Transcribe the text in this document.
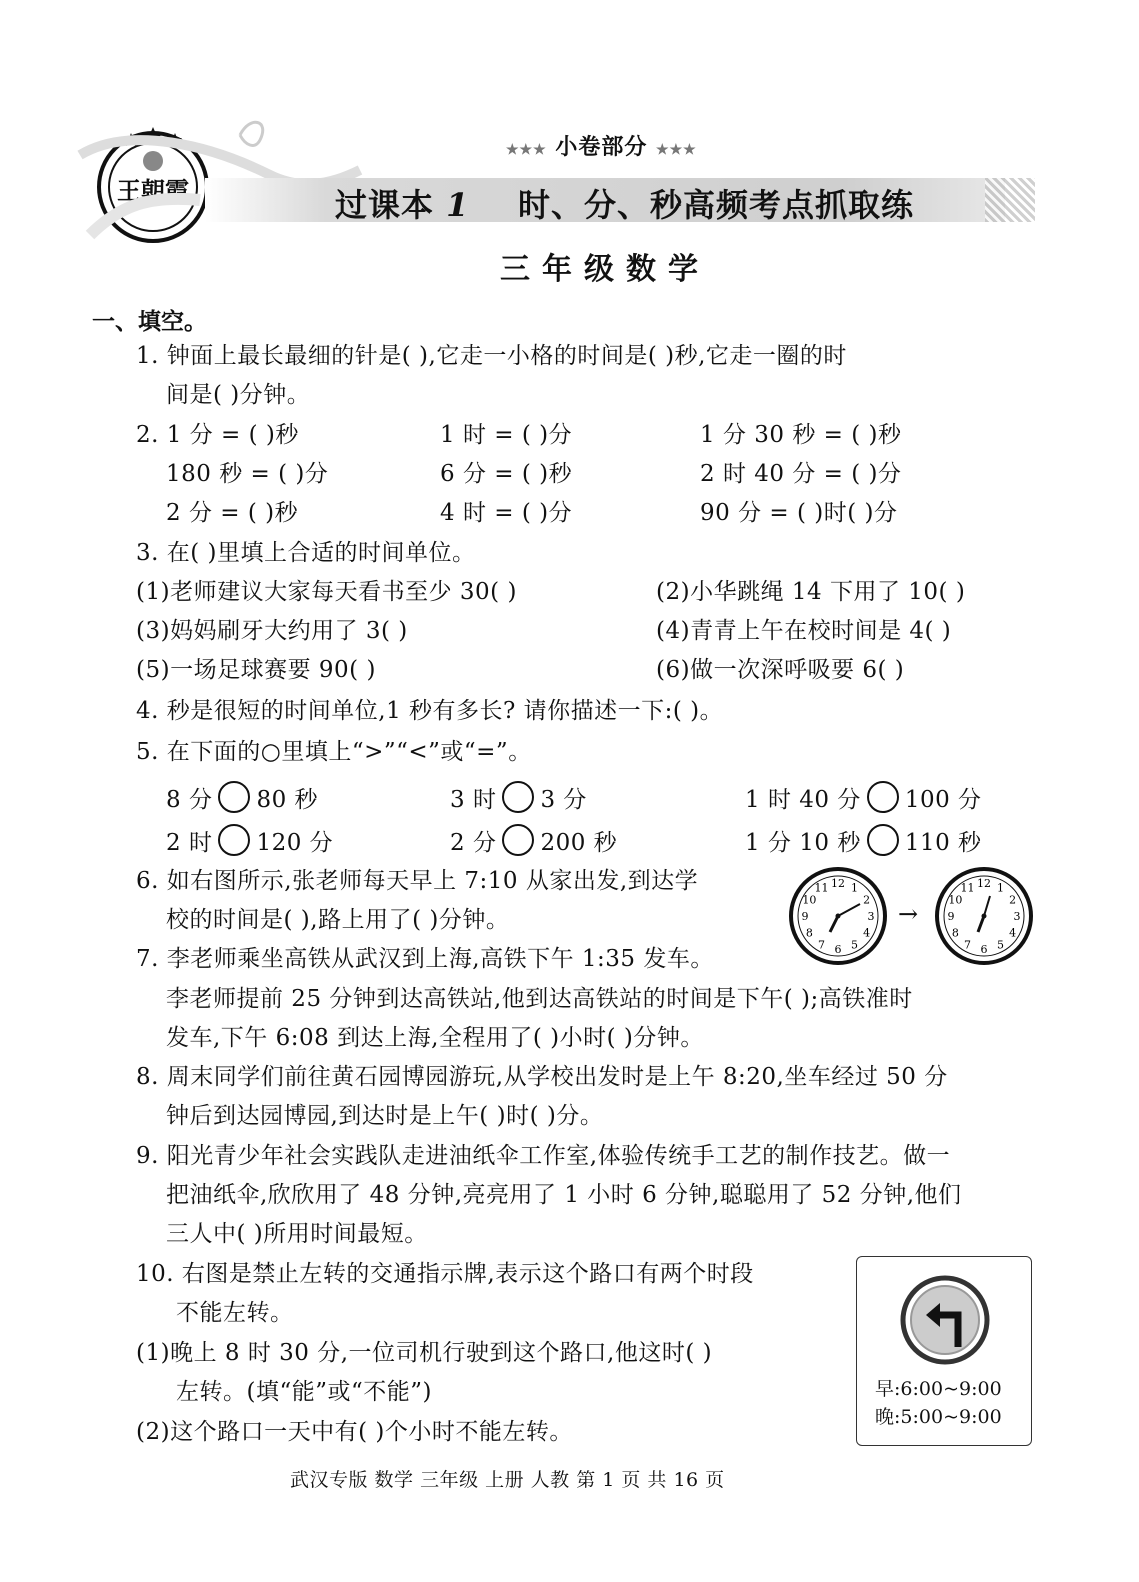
王朝霞
★★★ 小卷部分 ★★★
过课本 1 时、分、秒高频考点抓取练
三年级数学
一、填空。
1. 钟面上最长最细的针是( ),它走一小格的时间是( )秒,它走一圈的时
间是( )分钟。
2. 1 分 = ( )秒	1 时 = ( )分	1 分 30 秒 = ( )秒
180 秒 = ( )分	6 分 = ( )秒	2 时 40 分 = ( )分
2 分 = ( )秒	4 时 = ( )分	90 分 = ( )时( )分
3. 在( )里填上合适的时间单位。
(1)老师建议大家每天看书至少 30( )	(2)小华跳绳 14 下用了 10( )
(3)妈妈刷牙大约用了 3( )	(4)青青上午在校时间是 4( )
(5)一场足球赛要 90( )	(6)做一次深呼吸要 6( )
4. 秒是很短的时间单位,1 秒有多长? 请你描述一下:( )。
5. 在下面的○里填上“>”“<”或“=”。
8 分 80 秒	3 时 3 分	1 时 40 分 100 分
2 时 120 分	2 分 200 秒	1 分 10 秒 110 秒
6. 如右图所示,张老师每天早上 7:10 从家出发,到达学
校的时间是( ),路上用了( )分钟。
12 1
2
3
4
5
6
7
8
9
10
11
→
12 1
2
3
4
5
6
7
8
9
10
11
7. 李老师乘坐高铁从武汉到上海,高铁下午 1:35 发车。
李老师提前 25 分钟到达高铁站,他到达高铁站的时间是下午( );高铁准时
发车,下午 6:08 到达上海,全程用了( )小时( )分钟。
8. 周末同学们前往黄石园博园游玩,从学校出发时是上午 8:20,坐车经过 50 分
钟后到达园博园,到达时是上午( )时( )分。
9. 阳光青少年社会实践队走进油纸伞工作室,体验传统手工艺的制作技艺。做一
把油纸伞,欣欣用了 48 分钟,亮亮用了 1 小时 6 分钟,聪聪用了 52 分钟,他们
三人中( )所用时间最短。
10. 右图是禁止左转的交通指示牌,表示这个路口有两个时段
不能左转。
(1)晚上 8 时 30 分,一位司机行驶到这个路口,他这时( )
左转。(填“能”或“不能”)
(2)这个路口一天中有( )个小时不能左转。
早:6:00~9:00
晚:5:00~9:00
武汉专版 数学 三年级 上册 人教 第 1 页 共 16 页
